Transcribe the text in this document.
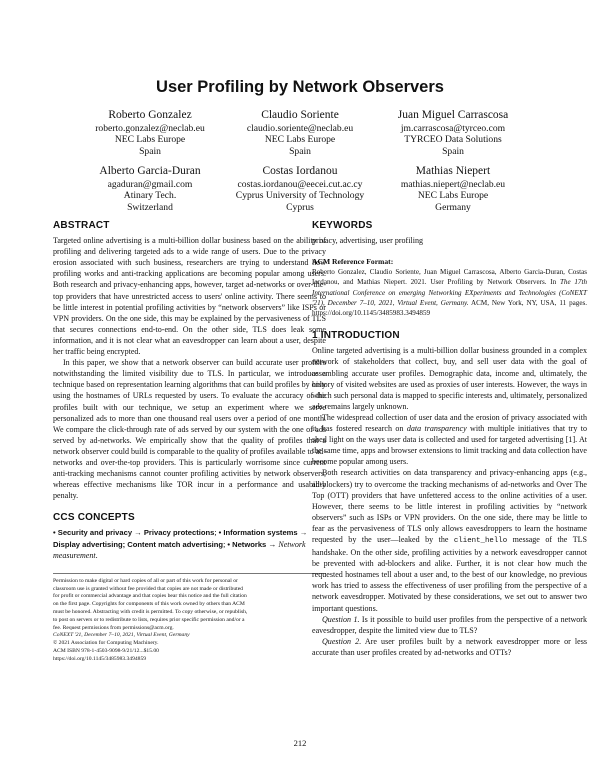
User Profiling by Network Observers
Roberto Gonzalez
roberto.gonzalez@neclab.eu
NEC Labs Europe
Spain
Claudio Soriente
claudio.soriente@neclab.eu
NEC Labs Europe
Spain
Juan Miguel Carrascosa
jm.carrascosa@tyrceo.com
TYRCEO Data Solutions
Spain
Alberto Garcia-Duran
agaduran@gmail.com
Atinary Tech.
Switzerland
Costas Iordanou
costas.iordanou@eecei.cut.ac.cy
Cyprus University of Technology
Cyprus
Mathias Niepert
mathias.niepert@neclab.eu
NEC Labs Europe
Germany
ABSTRACT

Targeted online advertising is a multi-billion dollar business based on the ability of profiling and delivering targeted ads to a wide range of users. Due to the privacy erosion associated with such business, researchers are trying to understand how profiling works and anti-tracking applications are becoming popular among users. Both research and privacy-enhancing apps, however, target ad-networks or over-the-top providers that have unrestricted access to users' online activity. There seems to be little interest in potential profiling activities by “network observers” like ISPs or VPN providers. On the one side, this may be explained by the pervasiveness of TLS that secures connections end-to-end. On the other side, TLS does leak some information, and it is not clear what an eavesdropper can learn about a user, despite her traffic being encrypted.

In this paper, we show that a network observer can build accurate user profiles notwithstanding the limited visibility due to TLS. In particular, we introduce a technique based on representation learning algorithms that can build profiles by only using the hostnames of URLs requested by users. To evaluate the accuracy of the profiles built with our technique, we setup an experiment where we serve personalized ads to more than one thousand real users over a period of one month. We compare the click-through rate of ads served by our system with the one of ads served by ad-networks. We empirically show that the quality of profiles that a network observer could build is comparable to the quality of profiles available to ad-networks and over-the-top providers. This is particularly worrisome since current anti-tracking mechanisms cannot counter profiling activities by network observers, whereas effective mechanisms like TOR incur in a performance and usability penalty.

CCS CONCEPTS
• Security and privacy → Privacy protections; • Information systems → Display advertising; Content match advertising; • Networks → Network measurement.
Permission to make digital or hard copies of all or part of this work for personal or
classroom use is granted without fee provided that copies are not made or distributed
for profit or commercial advantage and that copies bear this notice and the full citation
on the first page. Copyrights for components of this work owned by others than ACM
must be honored. Abstracting with credit is permitted. To copy otherwise, or republish,
to post on servers or to redistribute to lists, requires prior specific permission and/or a
fee. Request permissions from permissions@acm.org.
CoNEXT '21, December 7–10, 2021, Virtual Event, Germany
© 2021 Association for Computing Machinery.
ACM ISBN 978-1-4503-9098-9/21/12...$15.00
https://doi.org/10.1145/3485983.3494859
KEYWORDS

privacy, advertising, user profiling

ACM Reference Format:
Roberto Gonzalez, Claudio Soriente, Juan Miguel Carrascosa, Alberto Garcia-Duran, Costas Iordanou, and Mathias Niepert. 2021. User Profiling by Network Observers. In The 17th International Conference on emerging Networking EXperiments and Technologies (CoNEXT '21), December 7–10, 2021, Virtual Event, Germany. ACM, New York, NY, USA, 11 pages. https://doi.org/10.1145/3485983.3494859
1 INTRODUCTION

Online targeted advertising is a multi-billion dollar business grounded in a complex network of stakeholders that collect, buy, and sell user data with the goal of assembling accurate user profiles. Demographic data, income and, ultimately, the history of visited websites are used as proxies of user interests. However, the ways in which such personal data is mapped to specific interests and, ultimately, personalized ads remains largely unknown.

The widespread collection of user data and the erosion of privacy associated with it, has fostered research on data transparency with multiple initiatives that try to shed light on the ways user data is collected and used for targeted advertising [1]. At the same time, apps and browser extensions to limit tracking and data collection have become popular among users.

Both research activities on data transparency and privacy-enhancing apps (e.g., ad-blockers) try to overcome the tracking mechanisms of ad-networks and Over The Top (OTT) providers that have unfettered access to the online activities of a user. However, there seems to be little interest in profiling activities by “network observers” such as ISPs or VPN providers. On the one side, there may be little to fear as the pervasiveness of TLS only allows eavesdroppers to learn the hostname requested by the user—leaked by the client_hello message of the TLS handshake. On the other side, profiling activities by a network eavesdropper cannot be prevented with ad-blockers and alike. Further, it is not clear how much the requested hostnames tell about a user and, to the best of our knowledge, no previous work has tried to assess the effectiveness of user profiling from the perspective of a network eavesdropper. Motivated by these considerations, we set out to answer two important questions.

Question 1. Is it possible to build user profiles from the perspective of a network eavesdropper, despite the limited view due to TLS?

Question 2. Are user profiles built by a network eavesdropper more or less accurate than user profiles created by ad-networks and OTTs?

212
